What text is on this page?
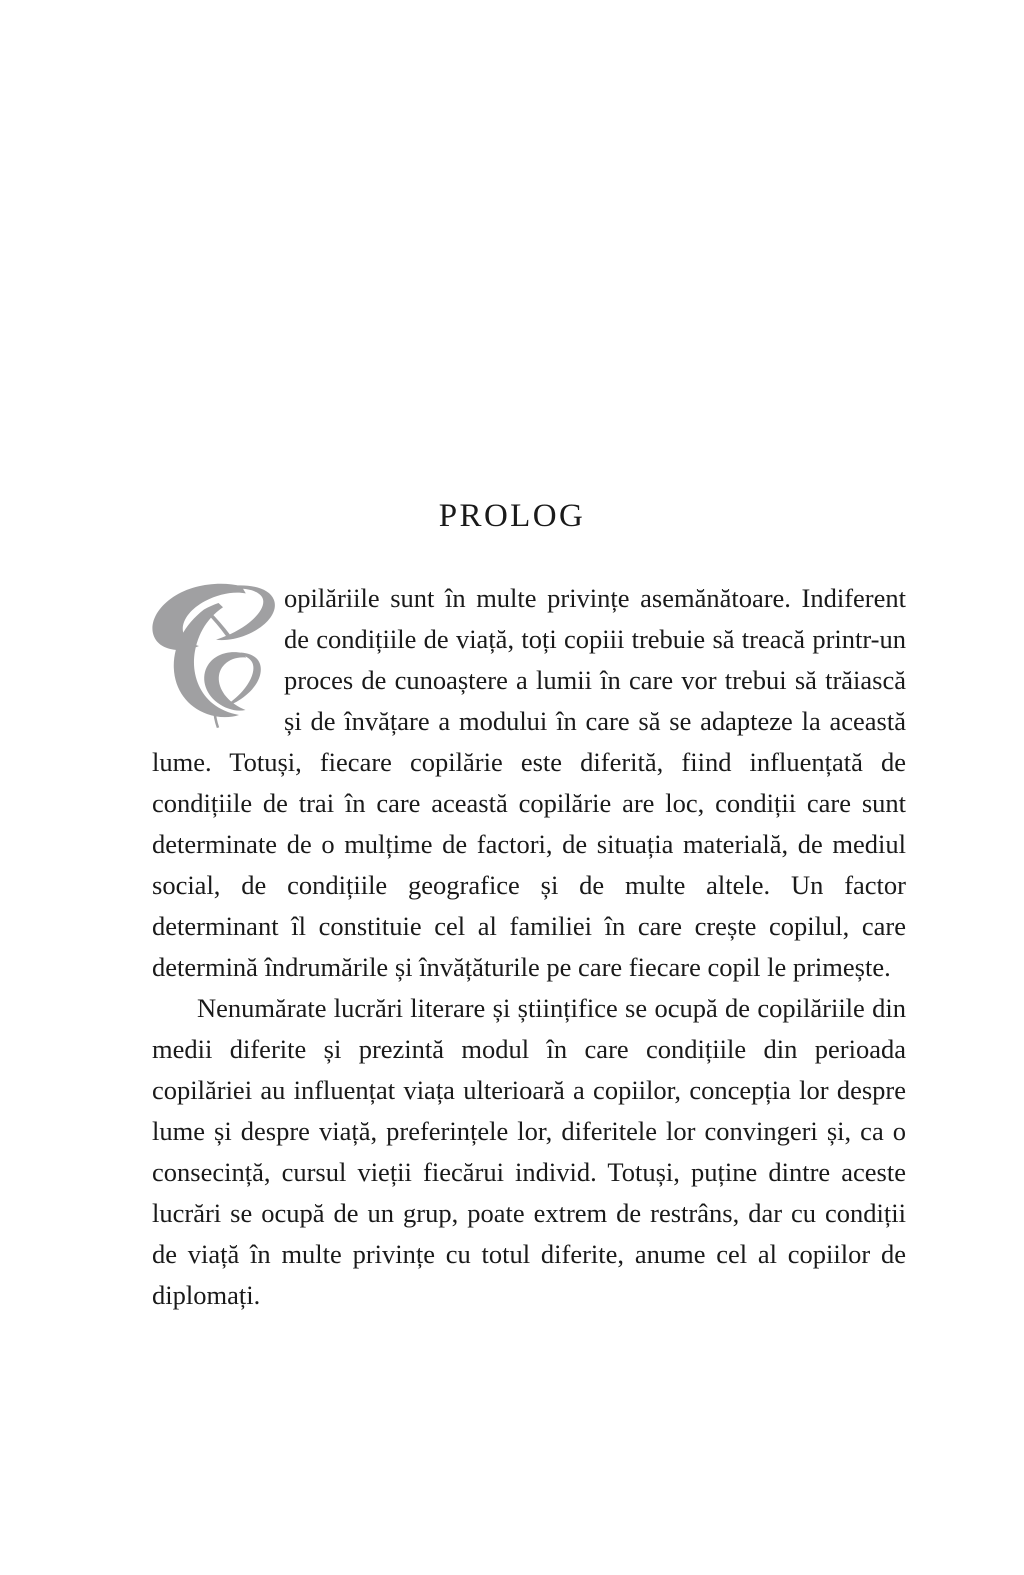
PROLOG

opilăriile sunt în multe privințe asemănătoare. Indiferent de condițiile de viață, toți copiii trebuie să treacă printr-un proces de cunoaștere a lumii în care vor trebui să trăiască și de învățare a modului în care să se adapteze la această lume. Totuși, fiecare copilărie este diferită, fiind influențată de condițiile de trai în care această copilărie are loc, condiții care sunt determinate de o mulțime de factori, de situația materială, de mediul social, de condițiile geografice și de multe altele. Un factor determinant îl constituie cel al familiei în care crește copilul, care determină îndrumările și învățăturile pe care fiecare copil le primește.

Nenumărate lucrări literare și științifice se ocupă de copilăriile din medii diferite și prezintă modul în care condițiile din perioada copilăriei au influențat viața ulterioară a copiilor, concepția lor despre lume și despre viață, preferințele lor, diferitele lor convingeri și, ca o consecință, cursul vieții fiecărui individ. Totuși, puține dintre aceste lucrări se ocupă de un grup, poate extrem de restrâns, dar cu condiții de viață în multe privințe cu totul diferite, anume cel al copiilor de diplomați.
